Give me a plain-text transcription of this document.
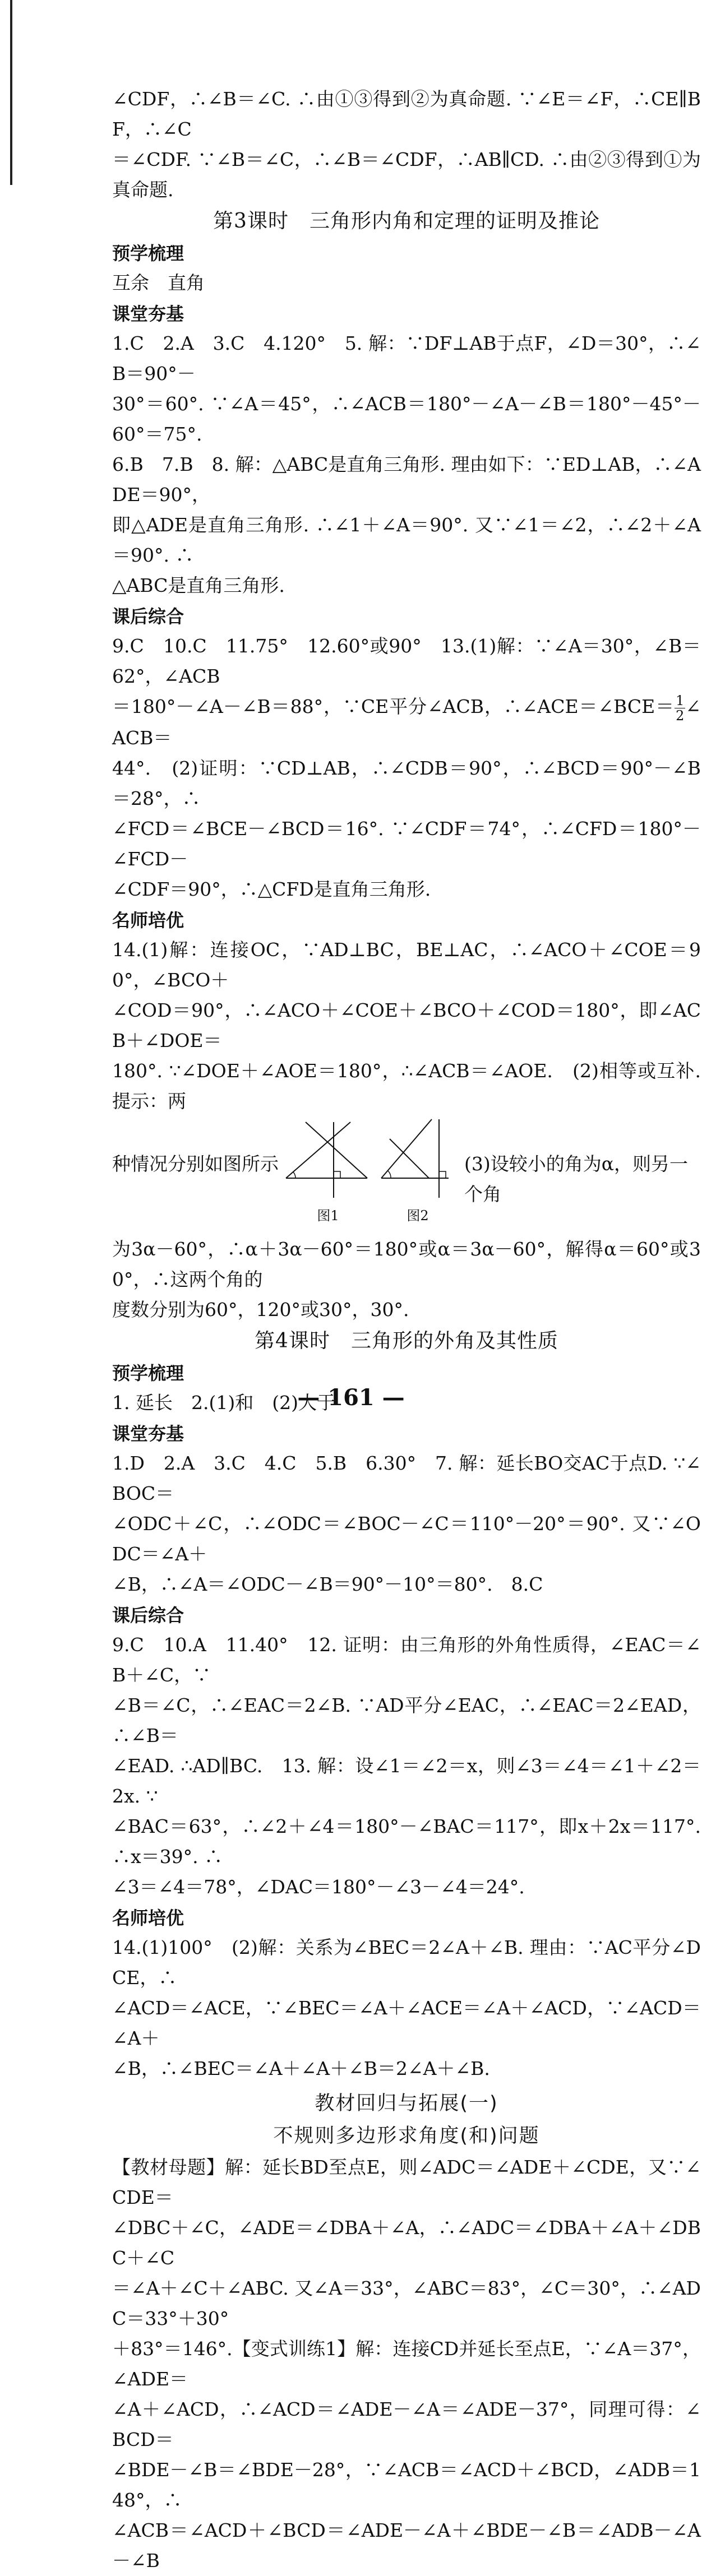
∠CDF，∴∠B＝∠C. ∴由①③得到②为真命题. ∵∠E＝∠F，∴CE∥BF，∴∠C

＝∠CDF. ∵∠B＝∠C，∴∠B＝∠CDF，∴AB∥CD. ∴由②③得到①为真命题.

第3课时　三角形内角和定理的证明及推论

预学梳理

互余　直角

课堂夯基

1.C　2.A　3.C　4.120°　5. 解：∵DF⊥AB于点F，∠D＝30°，∴∠B＝90°－

30°＝60°. ∵∠A＝45°，∴∠ACB＝180°－∠A－∠B＝180°－45°－60°＝75°.

6.B　7.B　8. 解：△ABC是直角三角形. 理由如下：∵ED⊥AB，∴∠ADE＝90°，

即△ADE是直角三角形. ∴∠1＋∠A＝90°. 又∵∠1＝∠2，∴∠2＋∠A＝90°. ∴

△ABC是直角三角形.

课后综合

9.C　10.C　11.75°　12.60°或90°　13.(1)解：∵∠A＝30°，∠B＝62°，∠ACB

＝180°－∠A－∠B＝88°，∵CE平分∠ACB，∴∠ACE＝∠BCE＝ $\frac{1}{2}$ ∠ACB＝

44°.　(2)证明：∵CD⊥AB，∴∠CDB＝90°，∴∠BCD＝90°－∠B＝28°，∴

∠FCD＝∠BCE－∠BCD＝16°. ∵∠CDF＝74°，∴∠CFD＝180°－∠FCD－

∠CDF＝90°，∴△CFD是直角三角形.

名师培优

14.(1)解：连接OC，∵AD⊥BC，BE⊥AC，∴∠ACO＋∠COE＝90°，∠BCO＋

∠COD＝90°，∴∠ACO＋∠COE＋∠BCO＋∠COD＝180°，即∠ACB＋∠DOE＝

180°. ∵∠DOE＋∠AOE＝180°，∴∠ACB＝∠AOE.　(2)相等或互补. 提示：两

种情况分别如图所示
图1	图2
(3)设较小的角为α，则另一个角

为3α－60°，∴α＋3α－60°＝180°或α＝3α－60°，解得α＝60°或30°，∴这两个角的

度数分别为60°，120°或30°，30°.

第4课时　三角形的外角及其性质

预学梳理

1. 延长　2.(1)和　(2)大于

课堂夯基

1.D　2.A　3.C　4.C　5.B　6.30°　7. 解：延长BO交AC于点D. ∵∠BOC＝

∠ODC＋∠C，∴∠ODC＝∠BOC－∠C＝110°－20°＝90°. 又∵∠ODC＝∠A＋

∠B，∴∠A＝∠ODC－∠B＝90°－10°＝80°.　8.C

课后综合

9.C　10.A　11.40°　12. 证明：由三角形的外角性质得，∠EAC＝∠B＋∠C，∵

∠B＝∠C，∴∠EAC＝2∠B. ∵AD平分∠EAC，∴∠EAC＝2∠EAD，∴∠B＝

∠EAD. ∴AD∥BC.　13. 解：设∠1＝∠2＝x，则∠3＝∠4＝∠1＋∠2＝2x. ∵

∠BAC＝63°，∴∠2＋∠4＝180°－∠BAC＝117°，即x＋2x＝117°. ∴x＝39°. ∴

∠3＝∠4＝78°，∠DAC＝180°－∠3－∠4＝24°.

名师培优

14.(1)100°　(2)解：关系为∠BEC＝2∠A＋∠B. 理由：∵AC平分∠DCE，∴

∠ACD＝∠ACE，∵∠BEC＝∠A＋∠ACE＝∠A＋∠ACD，∵∠ACD＝∠A＋

∠B，∴∠BEC＝∠A＋∠A＋∠B＝2∠A＋∠B.

教材回归与拓展(一)

不规则多边形求角度(和)问题

【教材母题】解：延长BD至点E，则∠ADC＝∠ADE＋∠CDE，又∵∠CDE＝

∠DBC＋∠C，∠ADE＝∠DBA＋∠A，∴∠ADC＝∠DBA＋∠A＋∠DBC＋∠C

＝∠A＋∠C＋∠ABC. 又∠A＝33°，∠ABC＝83°，∠C＝30°，∴∠ADC＝33°＋30°

＋83°＝146°.【变式训练1】解：连接CD并延长至点E，∵∠A＝37°，∠ADE＝

∠A＋∠ACD，∴∠ACD＝∠ADE－∠A＝∠ADE－37°，同理可得：∠BCD＝

∠BDE－∠B＝∠BDE－28°，∵∠ACB＝∠ACD＋∠BCD，∠ADB＝148°，∴

∠ACB＝∠ACD＋∠BCD＝∠ADE－∠A＋∠BDE－∠B＝∠ADB－∠A－∠B

— 161 —
